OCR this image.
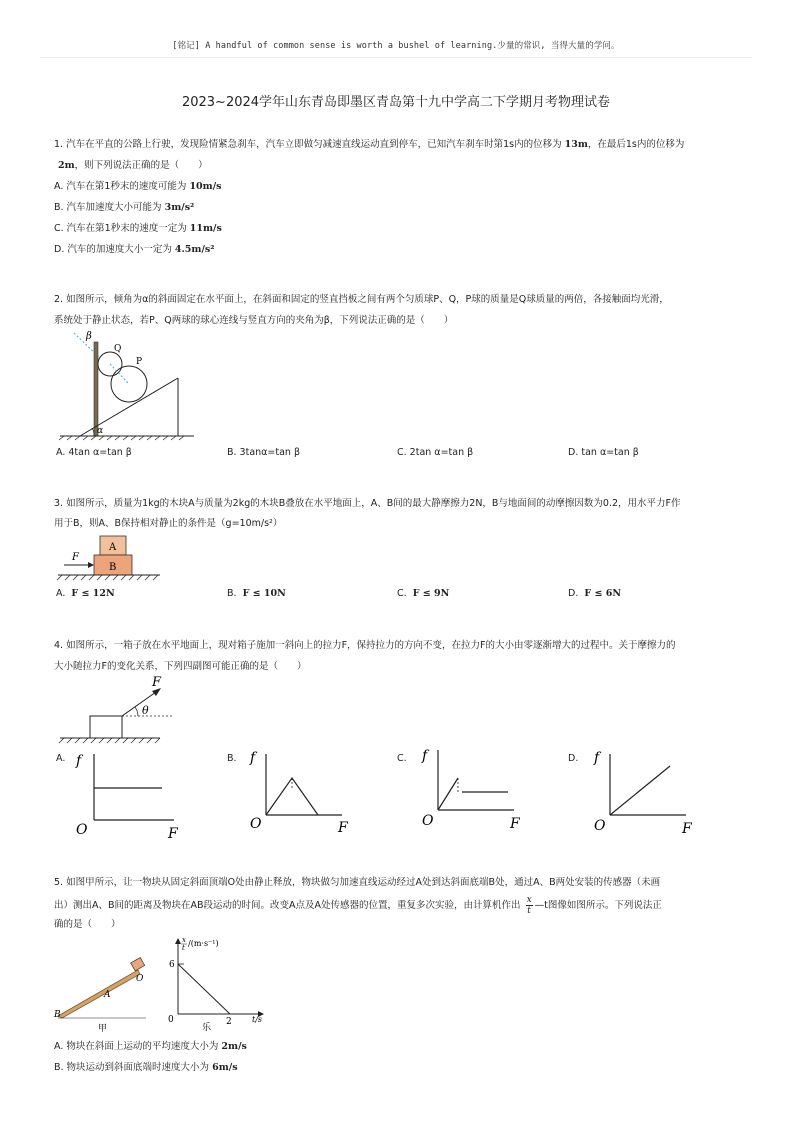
[铭记] A handful of common sense is worth a bushel of learning.少量的常识, 当得大量的学问。
2023~2024学年山东青岛即墨区青岛第十九中学高二下学期月考物理试卷
1. 汽车在平直的公路上行驶，发现险情紧急刹车，汽车立即做匀减速直线运动直到停车，已知汽车刹车时第1s内的位移为 13m，在最后1s内的位移为
2m，则下列说法正确的是（　　）
A. 汽车在第1秒末的速度可能为 10m/s
B. 汽车加速度大小可能为 3m/s²
C. 汽车在第1秒末的速度一定为 11m/s
D. 汽车的加速度大小一定为 4.5m/s²
2. 如图所示，倾角为α的斜面固定在水平面上，在斜面和固定的竖直挡板之间有两个匀质球P、Q，P球的质量是Q球质量的两倍，各接触面均光滑，
系统处于静止状态，若P、Q两球的球心连线与竖直方向的夹角为β，下列说法正确的是（　　）
β
Q
P
α
A. 4tan α=tan β	B. 3tanα=tan β	C. 2tan α=tan β	D. tan α=tan β
3. 如图所示，质量为1kg的木块A与质量为2kg的木块B叠放在水平地面上，A、B间的最大静摩擦力2N，B与地面间的动摩擦因数为0.2，用水平力F作
用于B，则A、B保持相对静止的条件是（g=10m/s²）
F
A
B
A. F ≤ 12N	B. F ≤ 10N	C. F ≤ 9N	D. F ≤ 6N
4. 如图所示，一箱子放在水平地面上，现对箱子施加一斜向上的拉力F，保持拉力的方向不变，在拉力F的大小由零逐渐增大的过程中。关于摩擦力的
大小随拉力F的变化关系，下列四副图可能正确的是（　　）
F
θ
A. f
O	F
B. f
O	F
C. f
O	F
D. f
O	F
5. 如图甲所示，让一物块从固定斜面顶端O处由静止释放，物块做匀加速直线运动经过A处到达斜面底端B处，通过A、B两处安装的传感器（未画
出）测出A、B间的距离及物块在AB段运动的时间。改变A点及A处传感器的位置，重复多次实验，由计算机作出 $\frac{x}{t}$ —t图像如图所示。下列说法正
确的是（　　）
O
A
B
甲
x
t /(m·s⁻¹)
6
0	2	t/s
乐
A. 物块在斜面上运动的平均速度大小为 2m/s
B. 物块运动到斜面底端时速度大小为 6m/s
